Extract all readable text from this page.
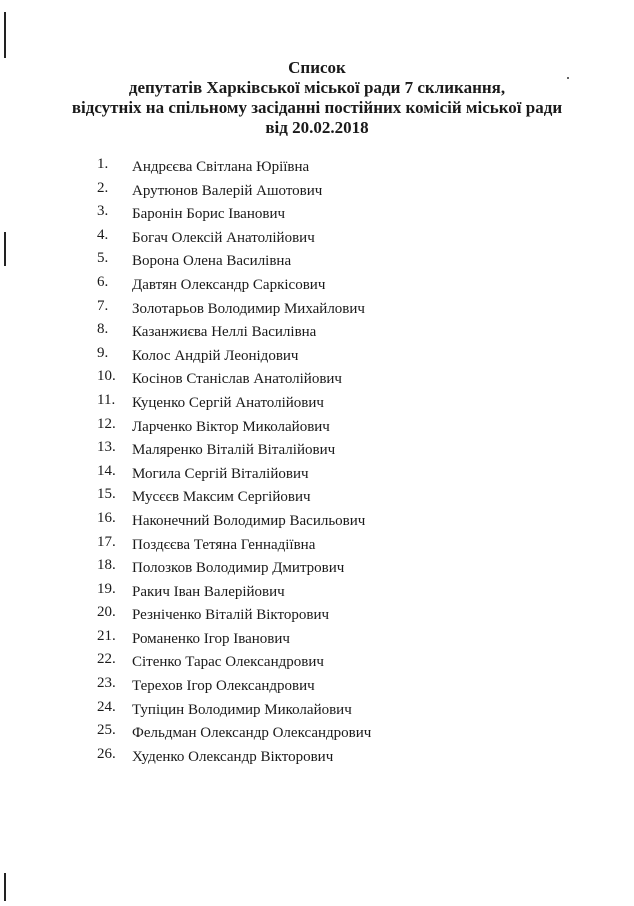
Список
депутатів Харківської міської ради 7 скликання,
відсутніх на спільному засіданні постійних комісій міської ради
від 20.02.2018
1. Андрєєва Світлана Юріївна
2. Арутюнов Валерій Ашотович
3. Баронін Борис Іванович
4. Богач Олексій Анатолійович
5. Ворона Олена Василівна
6. Давтян Олександр Саркісович
7. Золотарьов Володимир Михайлович
8. Казанжиєва Неллі Василівна
9. Колос Андрій Леонідович
10. Косінов Станіслав Анатолійович
11. Куценко Сергій Анатолійович
12. Ларченко Віктор Миколайович
13. Маляренко Віталій Віталійович
14. Могила Сергій Віталійович
15. Мусєєв Максим Сергійович
16. Наконечний Володимир Васильович
17. Поздєєва Тетяна Геннадіївна
18. Полозков Володимир Дмитрович
19. Ракич Іван Валерійович
20. Резніченко Віталій Вікторович
21. Романенко Ігор Іванович
22. Сітенко Тарас Олександрович
23. Терехов Ігор Олександрович
24. Тупіцин Володимир Миколайович
25. Фельдман Олександр Олександрович
26. Худенко Олександр Вікторович
